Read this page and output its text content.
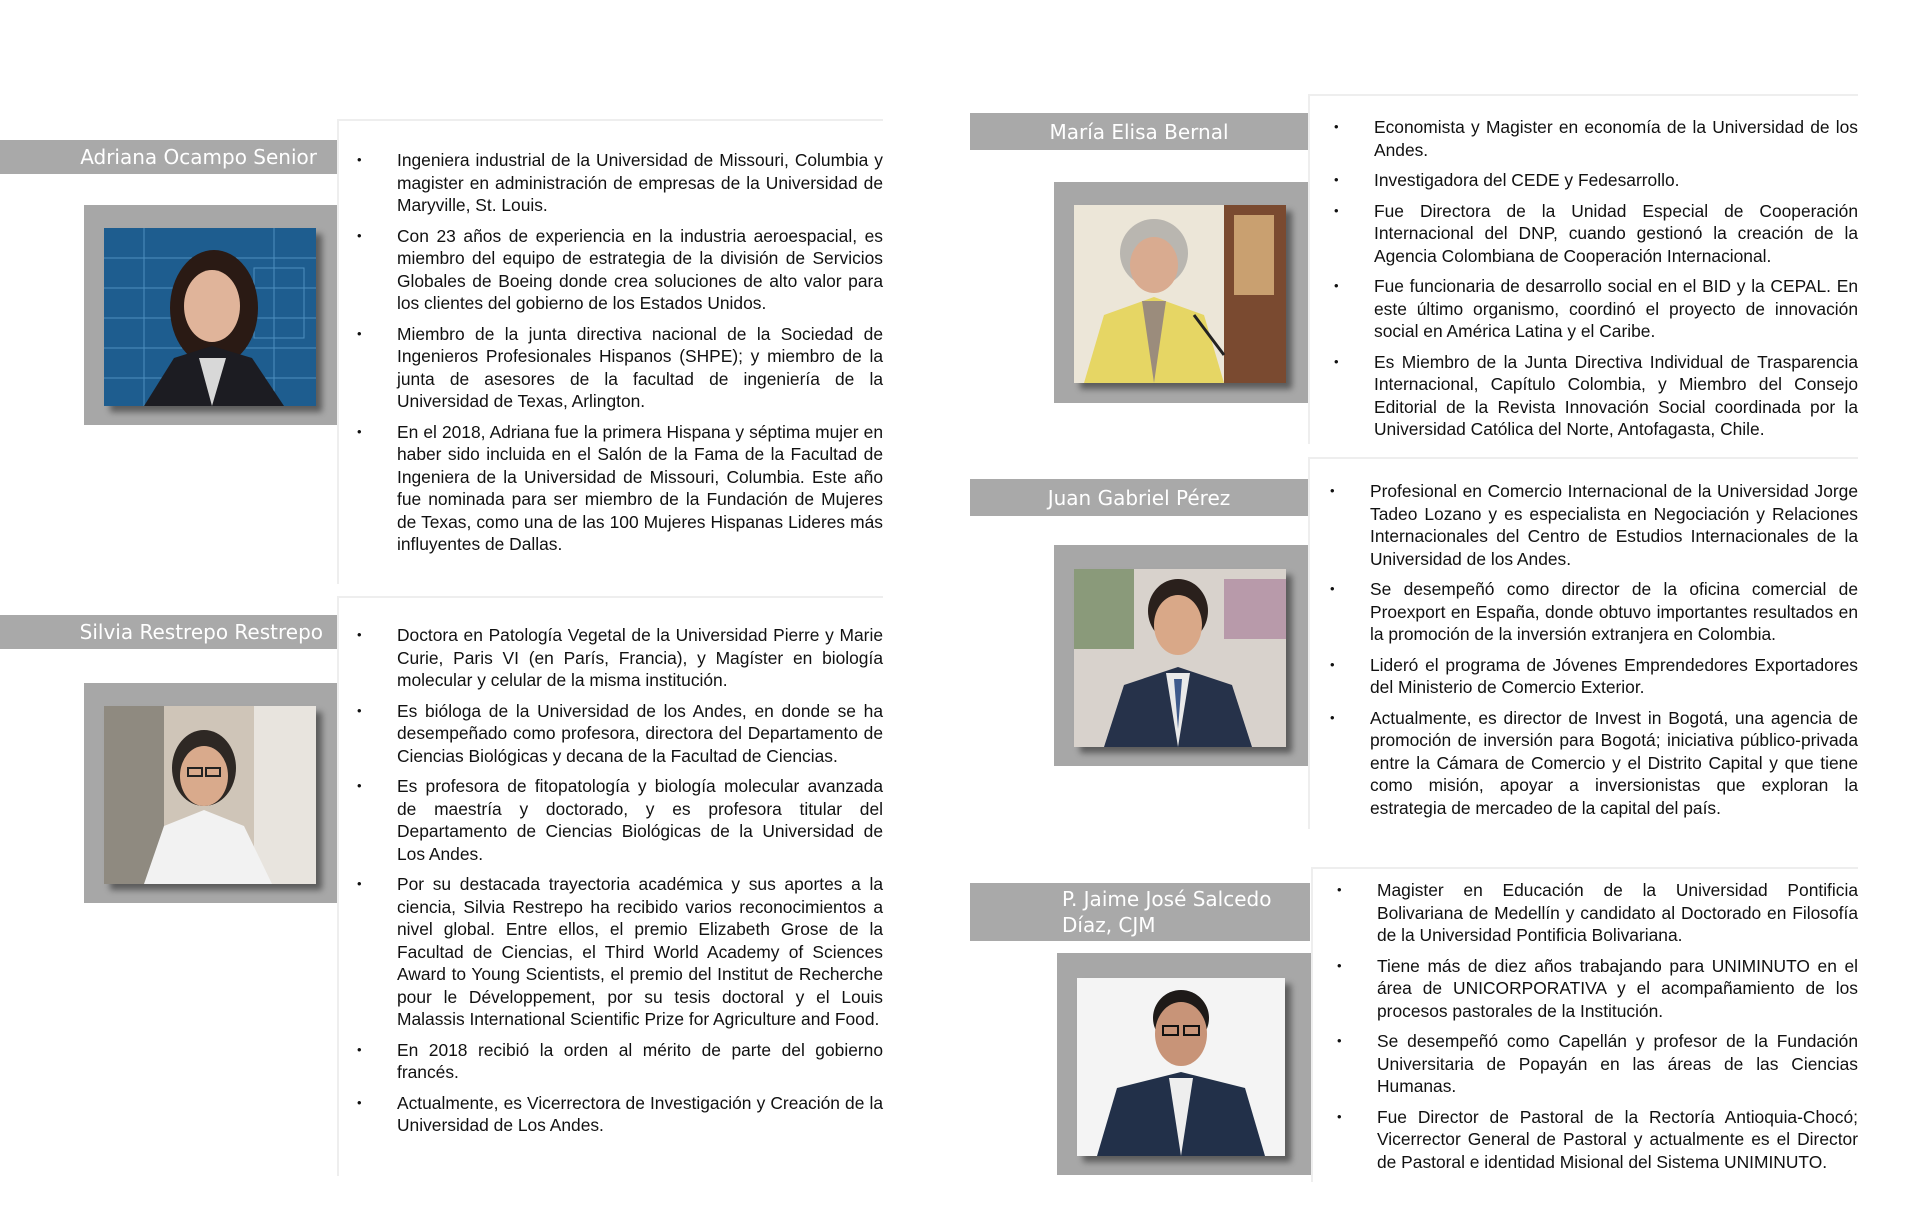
Adriana Ocampo Senior	• Ingeniera industrial de la Universidad de Missouri, Columbia y magister en administración de empresas de la Universidad de Maryville, St. Louis.
• Con 23 años de experiencia en la industria aeroespacial, es miembro del equipo de estrategia de la división de Servicios Globales de Boeing donde crea soluciones de alto valor para los clientes del gobierno de los Estados Unidos.
• Miembro de la junta directiva nacional de la Sociedad de Ingenieros Profesionales Hispanos (SHPE); y miembro de la junta de asesores de la facultad de ingeniería de la Universidad de Texas, Arlington.
• En el 2018, Adriana fue la primera Hispana y séptima mujer en haber sido incluida en el Salón de la Fama de la Facultad de Ingeniera de la Universidad de Missouri, Columbia. Este año fue nominada para ser miembro de la Fundación de Mujeres de Texas, como una de las 100 Mujeres Hispanas Lideres más influyentes de Dallas.
Silvia Restrepo Restrepo	• Doctora en Patología Vegetal de la Universidad Pierre y Marie Curie, Paris VI (en París, Francia), y Magíster en biología molecular y celular de la misma institución.
• Es bióloga de la Universidad de los Andes, en donde se ha desempeñado como profesora, directora del Departamento de Ciencias Biológicas y decana de la Facultad de Ciencias.
• Es profesora de fitopatología y biología molecular avanzada de maestría y doctorado, y es profesora titular del Departamento de Ciencias Biológicas de la Universidad de Los Andes.
• Por su destacada trayectoria académica y sus aportes a la ciencia, Silvia Restrepo ha recibido varios reconocimientos a nivel global. Entre ellos, el premio Elizabeth Grose de la Facultad de Ciencias, el Third World Academy of Sciences Award to Young Scientists, el premio del Institut de Recherche pour le Développement, por su tesis doctoral y el Louis Malassis International Scientific Prize for Agriculture and Food.
• En 2018 recibió la orden al mérito de parte del gobierno francés.
• Actualmente, es Vicerrectora de Investigación y Creación de la Universidad de Los Andes.
María Elisa Bernal	• Economista y Magister en economía de la Universidad de los Andes.
• Investigadora del CEDE y Fedesarrollo.
• Fue Directora de la Unidad Especial de Cooperación Internacional del DNP, cuando gestionó la creación de la Agencia Colombiana de Cooperación Internacional.
• Fue funcionaria de desarrollo social en el BID y la CEPAL. En este último organismo, coordinó el proyecto de innovación social en América Latina y el Caribe.
• Es Miembro de la Junta Directiva Individual de Trasparencia Internacional, Capítulo Colombia, y Miembro del Consejo Editorial de la Revista Innovación Social coordinada por la Universidad Católica del Norte, Antofagasta, Chile.
Juan Gabriel Pérez	• Profesional en Comercio Internacional de la Universidad Jorge Tadeo Lozano y es especialista en Negociación y Relaciones Internacionales del Centro de Estudios Internacionales de la Universidad de los Andes.
• Se desempeñó como director de la oficina comercial de Proexport en España, donde obtuvo importantes resultados en la promoción de la inversión extranjera en Colombia.
• Lideró el programa de Jóvenes Emprendedores Exportadores del Ministerio de Comercio Exterior.
• Actualmente, es director de Invest in Bogotá, una agencia de promoción de inversión para Bogotá; iniciativa público-privada entre la Cámara de Comercio y el Distrito Capital y que tiene como misión, apoyar a inversionistas que exploran la estrategia de mercadeo de la capital del país.
P. Jaime José Salcedo Díaz, CJM
• Magister en Educación de la Universidad Pontificia Bolivariana de Medellín y candidato al Doctorado en Filosofía de la Universidad Pontificia Bolivariana.
• Tiene más de diez años trabajando para UNIMINUTO en el área de UNICORPORATIVA y el acompañamiento de los procesos pastorales de la Institución.
• Se desempeñó como Capellán y profesor de la Fundación Universitaria de Popayán en las áreas de las Ciencias Humanas.
• Fue Director de Pastoral de la Rectoría Antioquia-Chocó; Vicerrector General de Pastoral y actualmente es el Director de Pastoral e identidad Misional del Sistema UNIMINUTO.
